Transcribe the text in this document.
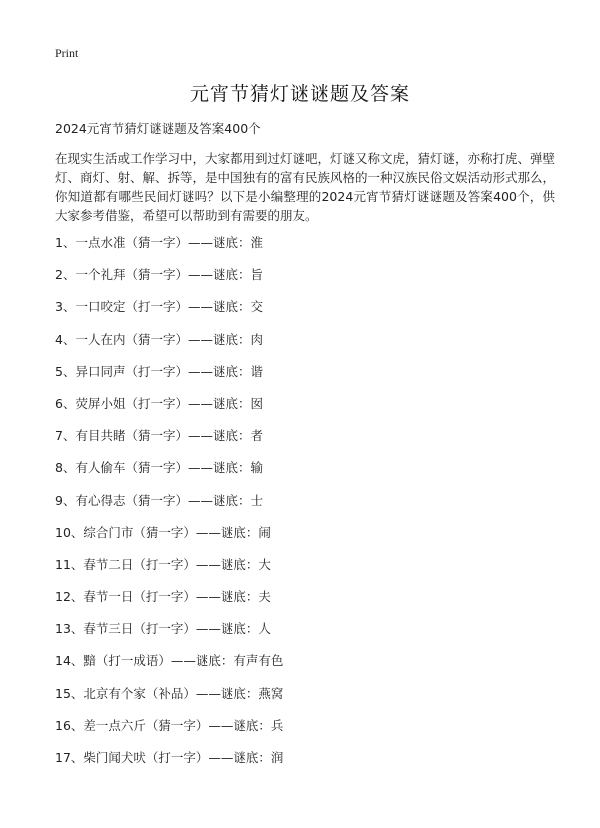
Print
元宵节猜灯谜谜题及答案
2024元宵节猜灯谜谜题及答案400个
在现实生活或工作学习中，大家都用到过灯谜吧，灯谜又称文虎，猜灯谜，亦称打虎、弹壁灯、商灯、射、解、拆等，是中国独有的富有民族风格的一种汉族民俗文娱活动形式那么，你知道都有哪些民间灯谜吗？以下是小编整理的2024元宵节猜灯谜谜题及答案400个，供大家参考借鉴，希望可以帮助到有需要的朋友。
1、一点水准（猜一字）——谜底：淮
2、一个礼拜（猜一字）——谜底：旨
3、一口咬定（打一字）——谜底：交
4、一人在内（猜一字）——谜底：肉
5、异口同声（打一字）——谜底：谐
6、荧屏小姐（打一字）——谜底：囡
7、有目共睹（猜一字）——谜底：者
8、有人偷车（猜一字）——谜底：输
9、有心得志（猜一字）——谜底：士
10、综合门市（猜一字）——谜底：闹
11、春节二日（打一字）——谜底：大
12、春节一日（打一字）——谜底：夫
13、春节三日（打一字）——谜底：人
14、黯（打一成语）——谜底：有声有色
15、北京有个家（补品）——谜底：燕窝
16、差一点六斤（猜一字）——谜底：兵
17、柴门闻犬吠（打一字）——谜底：润
